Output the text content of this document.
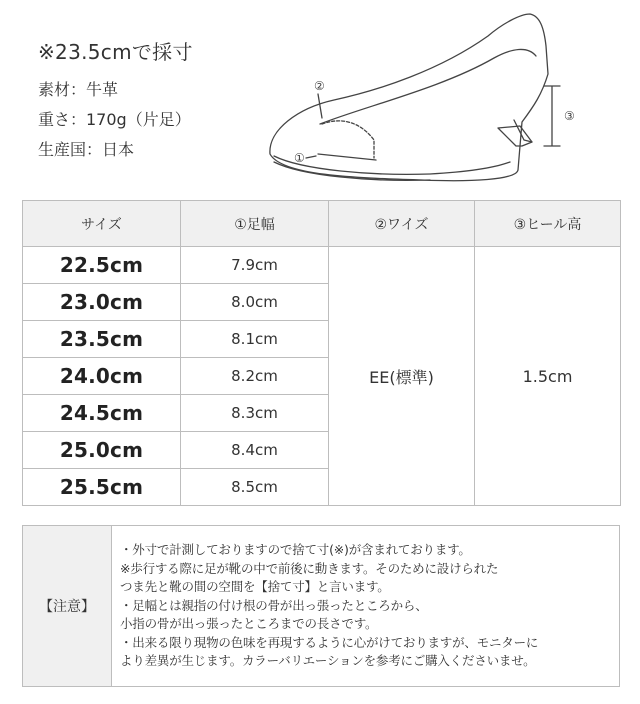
※23.5cmで採寸
素材：牛革
重さ：170g（片足）
生産国：日本
②
①
③
サイズ	①足幅	②ワイズ	③ヒール高
22.5cm	7.9cm	EE(標準)	1.5cm
23.0cm	8.0cm		
23.5cm	8.1cm		
24.0cm	8.2cm		
24.5cm	8.3cm		
25.0cm	8.4cm		
25.5cm	8.5cm		
【注意】	
・外寸で計測しておりますので捨て寸(※)が含まれております。
※歩行する際に足が靴の中で前後に動きます。そのために設けられた
つま先と靴の間の空間を【捨て寸】と言います。
・足幅とは親指の付け根の骨が出っ張ったところから、
小指の骨が出っ張ったところまでの長さです。
・出来る限り現物の色味を再現するように心がけておりますが、モニターに
より差異が生じます。カラーバリエーションを参考にご購入くださいませ。
